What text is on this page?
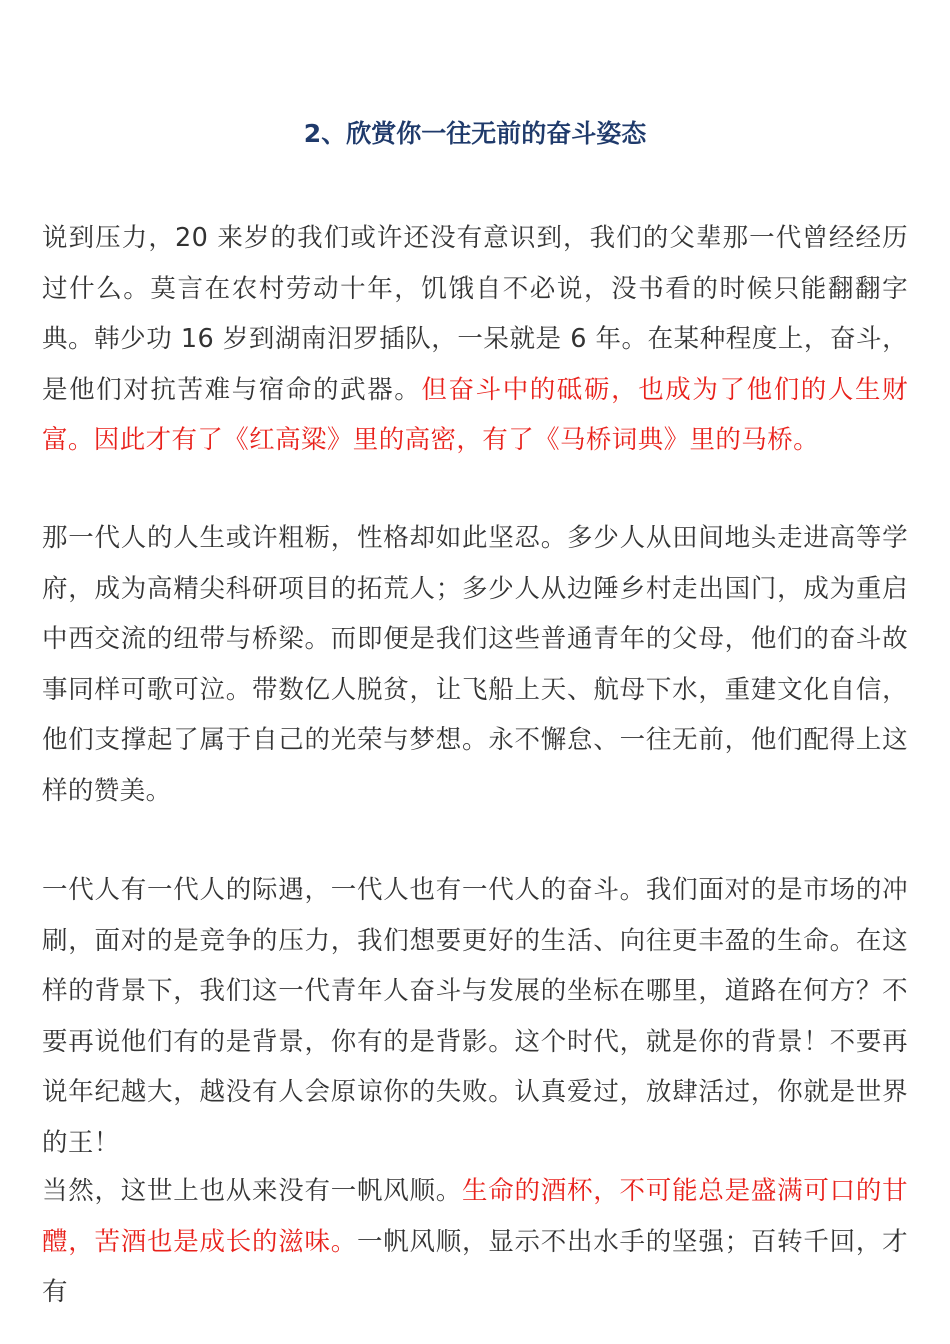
2、欣赏你一往无前的奋斗姿态

说到压力，20 来岁的我们或许还没有意识到，我们的父辈那一代曾经经历过什么。莫言在农村劳动十年，饥饿自不必说，没书看的时候只能翻翻字典。韩少功 16 岁到湖南汨罗插队，一呆就是 6 年。在某种程度上，奋斗，是他们对抗苦难与宿命的武器。但奋斗中的砥砺，也成为了他们的人生财富。因此才有了《红高粱》里的高密，有了《马桥词典》里的马桥。

那一代人的人生或许粗粝，性格却如此坚忍。多少人从田间地头走进高等学府，成为高精尖科研项目的拓荒人；多少人从边陲乡村走出国门，成为重启中西交流的纽带与桥梁。而即便是我们这些普通青年的父母，他们的奋斗故事同样可歌可泣。带数亿人脱贫，让飞船上天、航母下水，重建文化自信，他们支撑起了属于自己的光荣与梦想。永不懈怠、一往无前，他们配得上这样的赞美。

一代人有一代人的际遇，一代人也有一代人的奋斗。我们面对的是市场的冲刷，面对的是竞争的压力，我们想要更好的生活、向往更丰盈的生命。在这样的背景下，我们这一代青年人奋斗与发展的坐标在哪里，道路在何方？不要再说他们有的是背景，你有的是背影。这个时代，就是你的背景！不要再说年纪越大，越没有人会原谅你的失败。认真爱过，放肆活过，你就是世界的王！

当然，这世上也从来没有一帆风顺。生命的酒杯，不可能总是盛满可口的甘醴，苦酒也是成长的滋味。一帆风顺，显示不出水手的坚强；百转千回，才有
